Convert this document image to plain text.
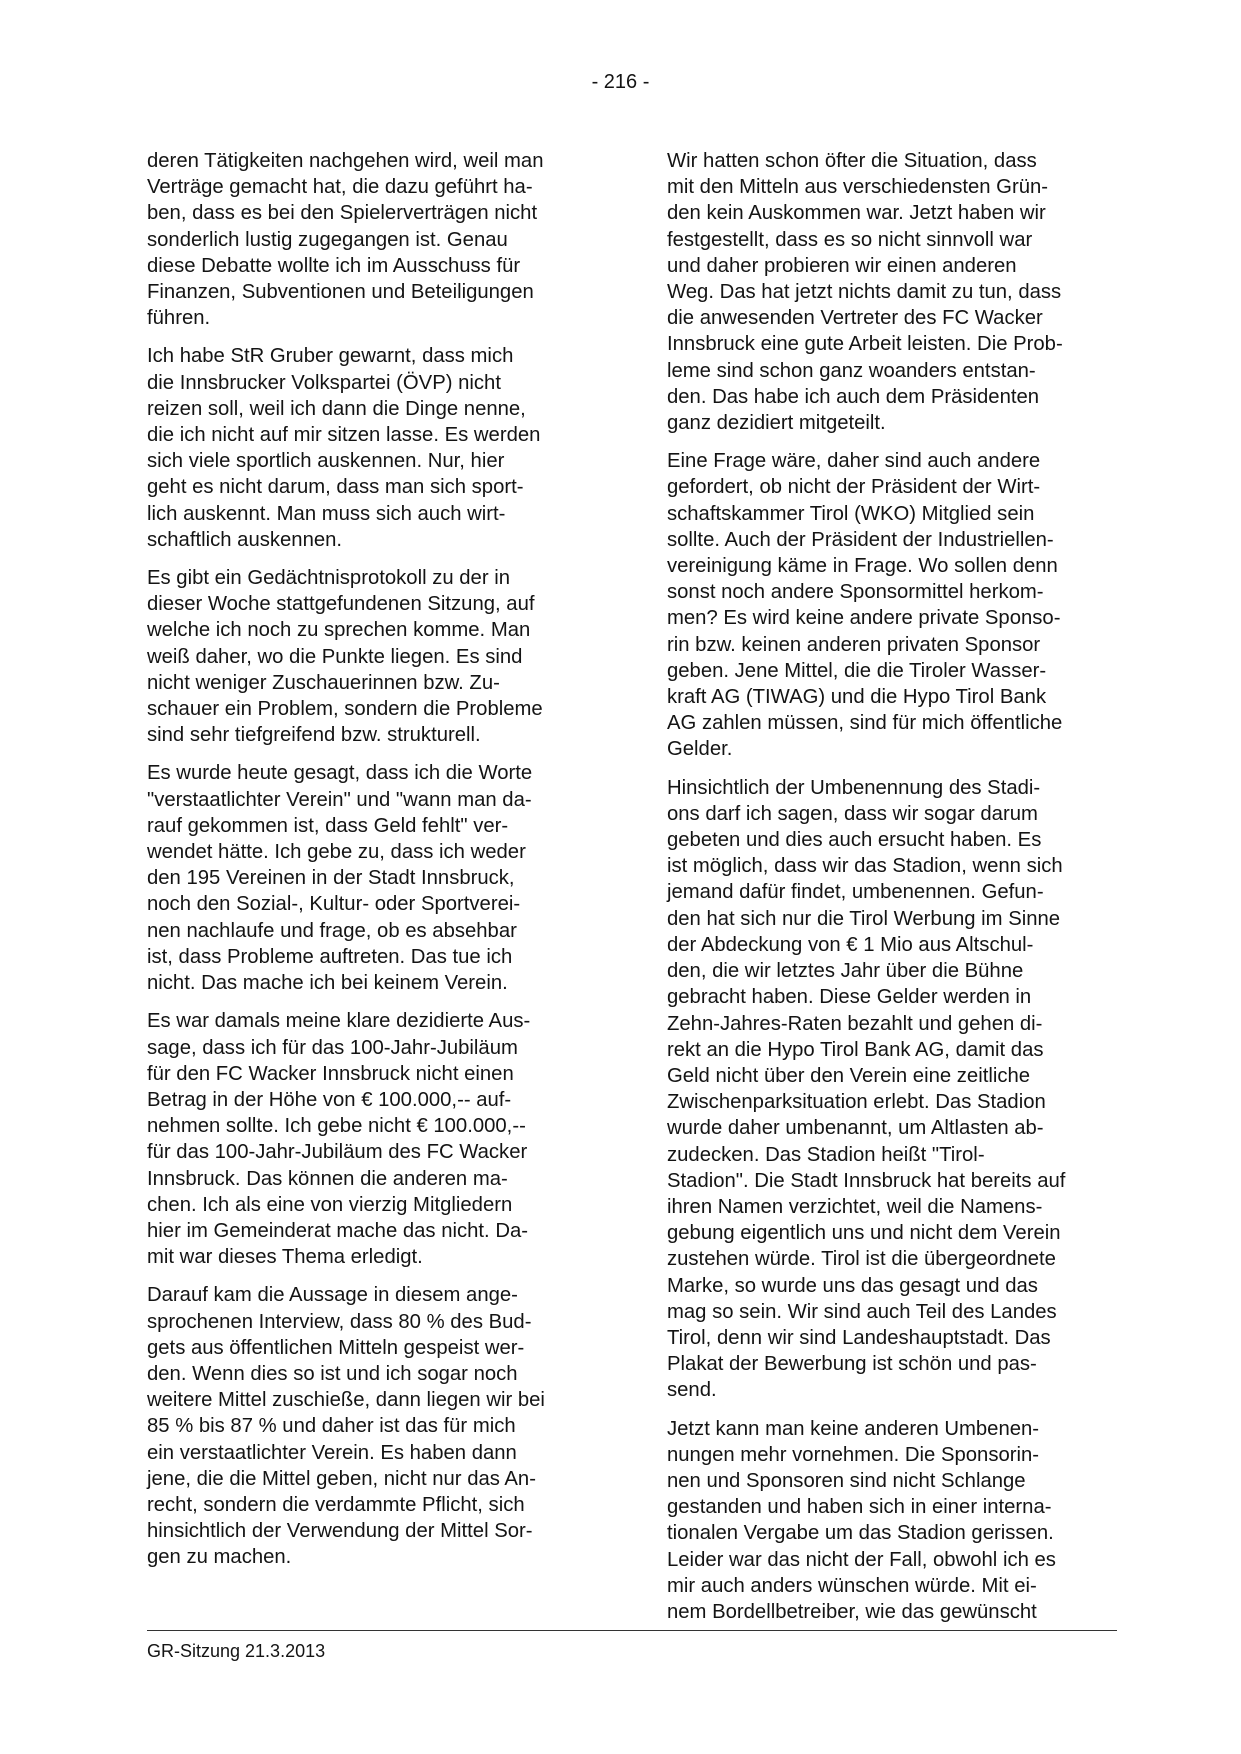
- 216 -

deren Tätigkeiten nachgehen wird, weil man
Verträge gemacht hat, die dazu geführt ha-
ben, dass es bei den Spielerverträgen nicht
sonderlich lustig zugegangen ist. Genau
diese Debatte wollte ich im Ausschuss für
Finanzen, Subventionen und Beteiligungen
führen.

Ich habe StR Gruber gewarnt, dass mich
die Innsbrucker Volkspartei (ÖVP) nicht
reizen soll, weil ich dann die Dinge nenne,
die ich nicht auf mir sitzen lasse. Es werden
sich viele sportlich auskennen. Nur, hier
geht es nicht darum, dass man sich sport-
lich auskennt. Man muss sich auch wirt-
schaftlich auskennen.

Es gibt ein Gedächtnisprotokoll zu der in
dieser Woche stattgefundenen Sitzung, auf
welche ich noch zu sprechen komme. Man
weiß daher, wo die Punkte liegen. Es sind
nicht weniger Zuschauerinnen bzw. Zu-
schauer ein Problem, sondern die Probleme
sind sehr tiefgreifend bzw. strukturell.

Es wurde heute gesagt, dass ich die Worte
"verstaatlichter Verein" und "wann man da-
rauf gekommen ist, dass Geld fehlt" ver-
wendet hätte. Ich gebe zu, dass ich weder
den 195 Vereinen in der Stadt Innsbruck,
noch den Sozial-, Kultur- oder Sportverei-
nen nachlaufe und frage, ob es absehbar
ist, dass Probleme auftreten. Das tue ich
nicht. Das mache ich bei keinem Verein.

Es war damals meine klare dezidierte Aus-
sage, dass ich für das 100-Jahr-Jubiläum
für den FC Wacker Innsbruck nicht einen
Betrag in der Höhe von € 100.000,-- auf-
nehmen sollte. Ich gebe nicht € 100.000,--
für das 100-Jahr-Jubiläum des FC Wacker
Innsbruck. Das können die anderen ma-
chen. Ich als eine von vierzig Mitgliedern
hier im Gemeinderat mache das nicht. Da-
mit war dieses Thema erledigt.

Darauf kam die Aussage in diesem ange-
sprochenen Interview, dass 80 % des Bud-
gets aus öffentlichen Mitteln gespeist wer-
den. Wenn dies so ist und ich sogar noch
weitere Mittel zuschieße, dann liegen wir bei
85 % bis 87 % und daher ist das für mich
ein verstaatlichter Verein. Es haben dann
jene, die die Mittel geben, nicht nur das An-
recht, sondern die verdammte Pflicht, sich
hinsichtlich der Verwendung der Mittel Sor-
gen zu machen.

Wir hatten schon öfter die Situation, dass
mit den Mitteln aus verschiedensten Grün-
den kein Auskommen war. Jetzt haben wir
festgestellt, dass es so nicht sinnvoll war
und daher probieren wir einen anderen
Weg. Das hat jetzt nichts damit zu tun, dass
die anwesenden Vertreter des FC Wacker
Innsbruck eine gute Arbeit leisten. Die Prob-
leme sind schon ganz woanders entstan-
den. Das habe ich auch dem Präsidenten
ganz dezidiert mitgeteilt.

Eine Frage wäre, daher sind auch andere
gefordert, ob nicht der Präsident der Wirt-
schaftskammer Tirol (WKO) Mitglied sein
sollte. Auch der Präsident der Industriellen-
vereinigung käme in Frage. Wo sollen denn
sonst noch andere Sponsormittel herkom-
men? Es wird keine andere private Sponso-
rin bzw. keinen anderen privaten Sponsor
geben. Jene Mittel, die die Tiroler Wasser-
kraft AG (TIWAG) und die Hypo Tirol Bank
AG zahlen müssen, sind für mich öffentliche
Gelder.

Hinsichtlich der Umbenennung des Stadi-
ons darf ich sagen, dass wir sogar darum
gebeten und dies auch ersucht haben. Es
ist möglich, dass wir das Stadion, wenn sich
jemand dafür findet, umbenennen. Gefun-
den hat sich nur die Tirol Werbung im Sinne
der Abdeckung von € 1 Mio aus Altschul-
den, die wir letztes Jahr über die Bühne
gebracht haben. Diese Gelder werden in
Zehn-Jahres-Raten bezahlt und gehen di-
rekt an die Hypo Tirol Bank AG, damit das
Geld nicht über den Verein eine zeitliche
Zwischenparksituation erlebt. Das Stadion
wurde daher umbenannt, um Altlasten ab-
zudecken. Das Stadion heißt "Tirol-
Stadion". Die Stadt Innsbruck hat bereits auf
ihren Namen verzichtet, weil die Namens-
gebung eigentlich uns und nicht dem Verein
zustehen würde. Tirol ist die übergeordnete
Marke, so wurde uns das gesagt und das
mag so sein. Wir sind auch Teil des Landes
Tirol, denn wir sind Landeshauptstadt. Das
Plakat der Bewerbung ist schön und pas-
send.

Jetzt kann man keine anderen Umbenen-
nungen mehr vornehmen. Die Sponsorin-
nen und Sponsoren sind nicht Schlange
gestanden und haben sich in einer interna-
tionalen Vergabe um das Stadion gerissen.
Leider war das nicht der Fall, obwohl ich es
mir auch anders wünschen würde. Mit ei-
nem Bordellbetreiber, wie das gewünscht

GR-Sitzung 21.3.2013
